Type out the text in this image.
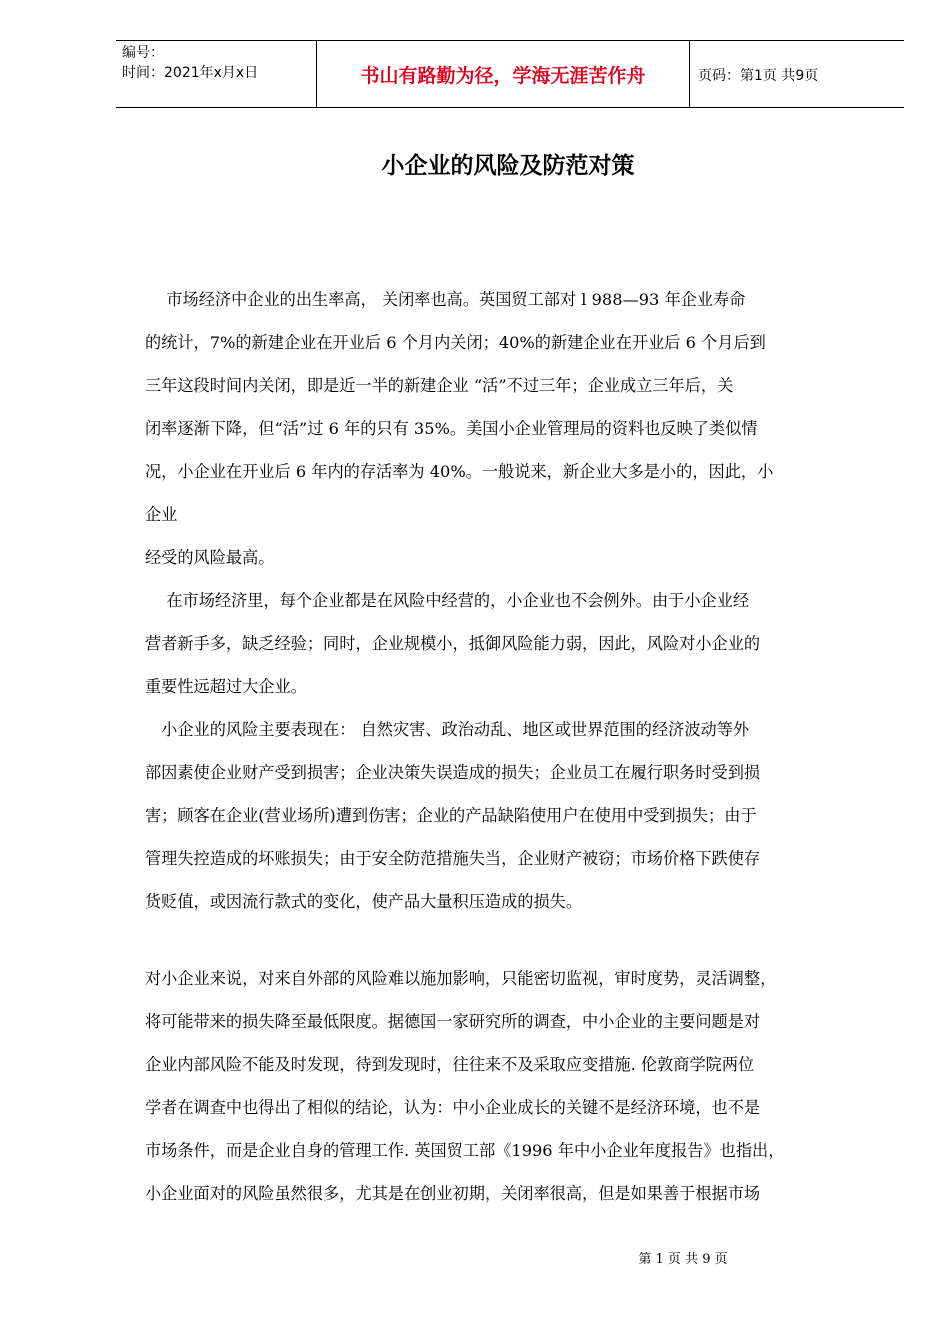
编号：
时间：2021年x月x日	书山有路勤为径，学海无涯苦作舟	页码：第1页 共9页
小企业的风险及防范对策
　 市场经济中企业的出生率高， 关闭率也高。英国贸工部对 l 988—93 年企业寿命
的统计，7%的新建企业在开业后 6 个月内关闭；40%的新建企业在开业后 6 个月后到
三年这段时间内关闭，即是近一半的新建企业 “活”不过三年；企业成立三年后，关
闭率逐渐下降，但“活”过 6 年的只有 35%。美国小企业管理局的资料也反映了类似情
况，小企业在开业后 6 年内的存活率为 40%。一般说来，新企业大多是小的，因此，小
企业
经受的风险最高。
　 在市场经济里，每个企业都是在风险中经营的，小企业也不会例外。由于小企业经
营者新手多，缺乏经验；同时，企业规模小，抵御风险能力弱，因此，风险对小企业的
重要性远超过大企业。
　小企业的风险主要表现在： 自然灾害、政治动乱、地区或世界范围的经济波动等外
部因素使企业财产受到损害；企业决策失误造成的损失；企业员工在履行职务时受到损
害；顾客在企业(营业场所)遭到伤害；企业的产品缺陷使用户在使用中受到损失；由于
管理失控造成的坏账损失；由于安全防范措施失当，企业财产被窃；市场价格下跌使存
货贬值，或因流行款式的变化，使产品大量积压造成的损失。
对小企业来说，对来自外部的风险难以施加影响，只能密切监视，审时度势，灵活调整，
将可能带来的损失降至最低限度。据德国一家研究所的调查，中小企业的主要问题是对
企业内部风险不能及时发现，待到发现时，往往来不及采取应变措施. 伦敦商学院两位
学者在调查中也得出了相似的结论，认为：中小企业成长的关键不是经济环境，也不是
市场条件，而是企业自身的管理工作. 英国贸工部《1996 年中小企业年度报告》也指出，
小企业面对的风险虽然很多，尤其是在创业初期，关闭率很高，但是如果善于根据市场
第 1 页 共 9 页
